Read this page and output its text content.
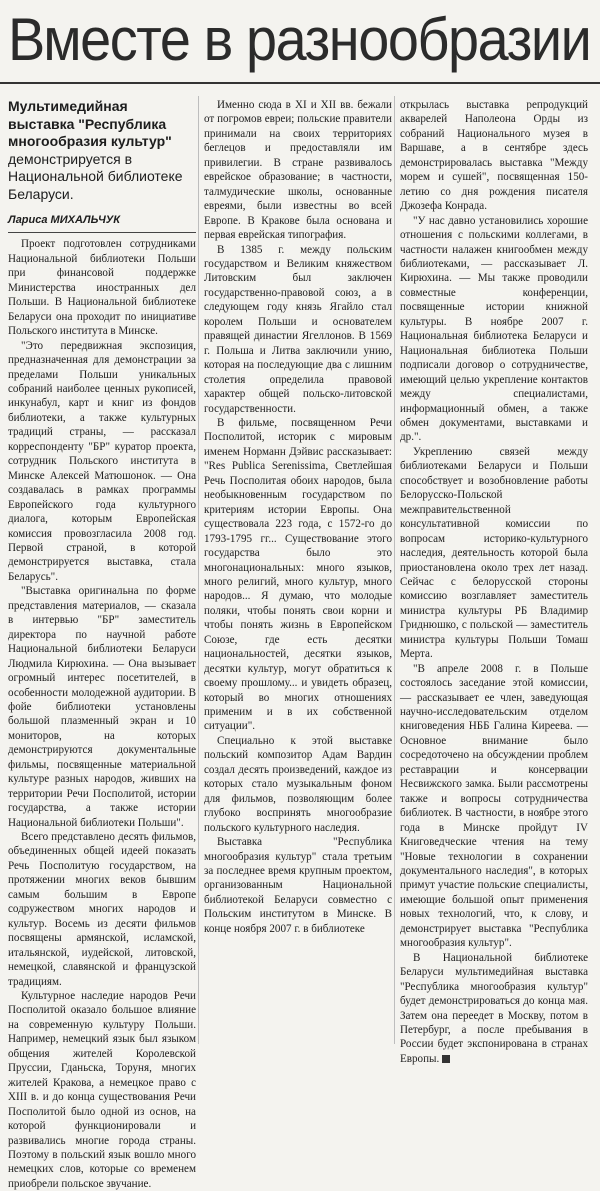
Вместе в разнообразии
Мультимедийная выставка "Республика многообразия культур" демонстрируется в Национальной библиотеке Беларуси.
Лариса МИХАЛЬЧУК

Проект подготовлен сотрудниками Национальной библиотеки Польши при финансовой поддержке Министерства иностранных дел Польши. В Национальной библиотеке Беларуси она проходит по инициативе Польского института в Минске.

"Это передвижная экспозиция, предназначенная для демонстрации за пределами Польши уникальных собраний наиболее ценных рукописей, инкунабул, карт и книг из фондов библиотеки, а также культурных традиций страны, — рассказал корреспонденту "БР" куратор проекта, сотрудник Польского института в Минске Алексей Матюшонок. — Она создавалась в рамках программы Европейского года культурного диалога, которым Европейская комиссия провозгласила 2008 год. Первой страной, в которой демонстрируется выставка, стала Беларусь".

"Выставка оригинальна по форме представления материалов, — сказала в интервью "БР" заместитель директора по научной работе Национальной библиотеки Беларуси Людмила Кирюхина. — Она вызывает огромный интерес посетителей, в особенности молодежной аудитории. В фойе библиотеки установлены большой плазменный экран и 10 мониторов, на которых демонстрируются документальные фильмы, посвященные материальной культуре разных народов, живших на территории Речи Посполитой, истории государства, а также истории Национальной библиотеки Польши".

Всего представлено десять фильмов, объединенных общей идеей показать Речь Посполитую государством, на протяжении многих веков бывшим самым большим в Европе содружеством многих народов и культур. Восемь из десяти фильмов посвящены армянской, исламской, итальянской, иудейской, литовской, немецкой, славянской и французской традициям.

Культурное наследие народов Речи Посполитой оказало большое влияние на современную культуру Польши. Например, немецкий язык был языком общения жителей Королевской Пруссии, Гданьска, Торуня, многих жителей Кракова, а немецкое право с XIII в. и до конца существования Речи Посполитой было одной из основ, на которой функционировали и развивались многие города страны. Поэтому в польский язык вошло много немецких слов, которые со временем приобрели польское звучание.

Именно сюда в XI и XII вв. бежали от погромов евреи; польские правители принимали на своих территориях беглецов и предоставляли им привилегии. В стране развивалось еврейское образование; в частности, талмудические школы, основанные евреями, были известны во всей Европе. В Кракове была основана и первая еврейская типография.

В 1385 г. между польским государством и Великим княжеством Литовским был заключен государственно-правовой союз, а в следующем году князь Ягайло стал королем Польши и основателем правящей династии Ягеллонов. В 1569 г. Польша и Литва заключили унию, которая на последующие два с лишним столетия определила правовой характер общей польско-литовской государственности.

В фильме, посвященном Речи Посполитой, историк с мировым именем Норманн Дэйвис рассказывает: "Res Publica Serenissima, Светлейшая Речь Посполитая обоих народов, была необыкновенным государством по критериям истории Европы. Она существовала 223 года, с 1572-го до 1793-1795 гг... Существование этого государства было это многонациональных: много языков, много религий, много культур, много народов... Я думаю, что молодые поляки, чтобы понять свои корни и чтобы понять жизнь в Европейском Союзе, где есть десятки национальностей, десятки языков, десятки культур, могут обратиться к своему прошлому... и увидеть образец, который во многих отношениях применим и в их собственной ситуации".

Специально к этой выставке польский композитор Адам Вардин создал десять произведений, каждое из которых стало музыкальным фоном для фильмов, позволяющим более глубоко воспринять многообразие польского культурного наследия.

Выставка "Республика многообразия культур" стала третьим за последнее время крупным проектом, организованным Национальной библиотекой Беларуси совместно с Польским институтом в Минске. В конце ноября 2007 г. в библиотеке

открылась выставка репродукций акварелей Наполеона Орды из собраний Национального музея в Варшаве, а в сентябре здесь демонстрировалась выставка "Между морем и сушей", посвященная 150-летию со дня рождения писателя Джозефа Конрада.

"У нас давно установились хорошие отношения с польскими коллегами, в частности налажен книгообмен между библиотеками, — рассказывает Л. Кирюхина. — Мы также проводили совместные конференции, посвященные истории книжной культуры. В ноябре 2007 г. Национальная библиотека Беларуси и Национальная библиотека Польши подписали договор о сотрудничестве, имеющий целью укрепление контактов между специалистами, информационный обмен, а также обмен документами, выставками и др.".

Укреплению связей между библиотеками Беларуси и Польши способствует и возобновление работы Белорусско-Польской межправительственной консультативной комиссии по вопросам историко-культурного наследия, деятельность которой была приостановлена около трех лет назад. Сейчас с белорусской стороны комиссию возглавляет заместитель министра культуры РБ Владимир Гриднюшко, с польской — заместитель министра культуры Польши Томаш Мерта.

"В апреле 2008 г. в Польше состоялось заседание этой комиссии, — рассказывает ее член, заведующая научно-исследовательским отделом книговедения НББ Галина Киреева. — Основное внимание было сосредоточено на обсуждении проблем реставрации и консервации Несвижского замка. Были рассмотрены также и вопросы сотрудничества библиотек. В частности, в ноябре этого года в Минске пройдут IV Книговедческие чтения на тему "Новые технологии в сохранении документального наследия", в которых примут участие польские специалисты, имеющие большой опыт применения новых технологий, что, к слову, и демонстрирует выставка "Республика многообразия культур".

В Национальной библиотеке Беларуси мультимедийная выставка "Республика многообразия культур" будет демонстрироваться до конца мая. Затем она переедет в Москву, потом в Петербург, а после пребывания в России будет экспонирована в странах Европы.
